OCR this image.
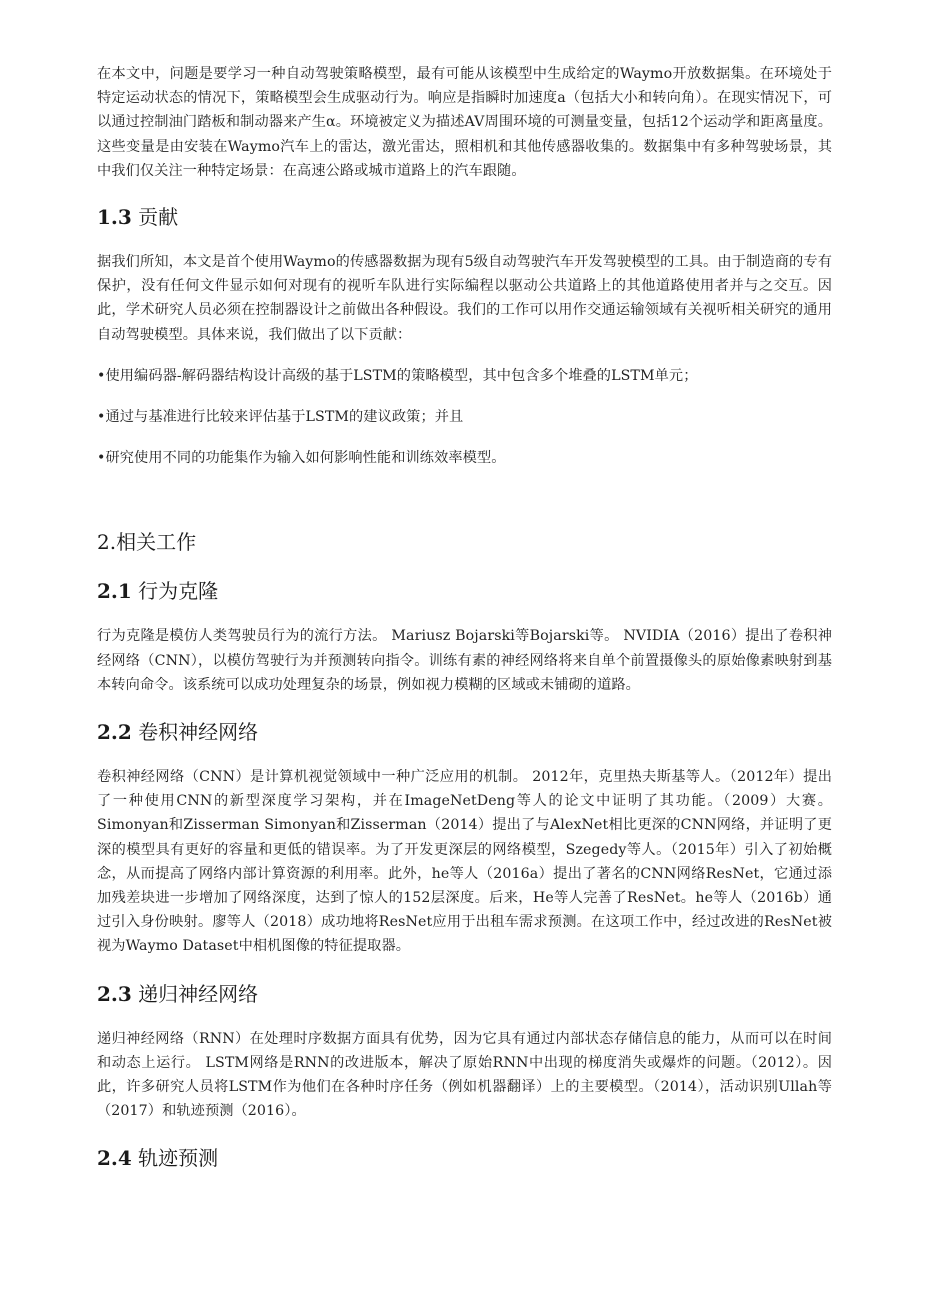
在本文中，问题是要学习一种自动驾驶策略模型，最有可能从该模型中生成给定的Waymo开放数据集。在环境处于特定运动状态的情况下，策略模型会生成驱动行为。响应是指瞬时加速度a（包括大小和转向角）。在现实情况下，可以通过控制油门踏板和制动器来产生α。环境被定义为描述AV周围环境的可测量变量，包括12个运动学和距离量度。这些变量是由安装在Waymo汽车上的雷达，激光雷达，照相机和其他传感器收集的。数据集中有多种驾驶场景，其中我们仅关注一种特定场景：在高速公路或城市道路上的汽车跟随。

1.3 贡献

据我们所知，本文是首个使用Waymo的传感器数据为现有5级自动驾驶汽车开发驾驶模型的工具。由于制造商的专有保护，没有任何文件显示如何对现有的视听车队进行实际编程以驱动公共道路上的其他道路使用者并与之交互。因此，学术研究人员必须在控制器设计之前做出各种假设。我们的工作可以用作交通运输领域有关视听相关研究的通用自动驾驶模型。具体来说，我们做出了以下贡献：

•使用编码器-解码器结构设计高级的基于LSTM的策略模型，其中包含多个堆叠的LSTM单元；

•通过与基准进行比较来评估基于LSTM的建议政策；并且

•研究使用不同的功能集作为输入如何影响性能和训练效率模型。

2.相关工作
2.1 行为克隆

行为克隆是模仿人类驾驶员行为的流行方法。 Mariusz Bojarski等Bojarski等。 NVIDIA（2016）提出了卷积神经网络（CNN），以模仿驾驶行为并预测转向指令。训练有素的神经网络将来自单个前置摄像头的原始像素映射到基本转向命令。该系统可以成功处理复杂的场景，例如视力模糊的区域或未铺砌的道路。

2.2 卷积神经网络

卷积神经网络（CNN）是计算机视觉领域中一种广泛应用的机制。 2012年，克里热夫斯基等人。（2012年）提出了一种使用CNN的新型深度学习架构，并在ImageNetDeng等人的论文中证明了其功能。（2009）大赛。 Simonyan和Zisserman Simonyan和Zisserman（2014）提出了与AlexNet相比更深的CNN网络，并证明了更深的模型具有更好的容量和更低的错误率。为了开发更深层的网络模型，Szegedy等人。（2015年）引入了初始概念，从而提高了网络内部计算资源的利用率。此外，he等人（2016a）提出了著名的CNN网络ResNet，它通过添加残差块进一步增加了网络深度，达到了惊人的152层深度。后来，He等人完善了ResNet。he等人（2016b）通过引入身份映射。廖等人（2018）成功地将ResNet应用于出租车需求预测。在这项工作中，经过改进的ResNet被视为Waymo Dataset中相机图像的特征提取器。

2.3 递归神经网络

递归神经网络（RNN）在处理时序数据方面具有优势，因为它具有通过内部状态存储信息的能力，从而可以在时间和动态上运行。 LSTM网络是RNN的改进版本，解决了原始RNN中出现的梯度消失或爆炸的问题。（2012）。因此，许多研究人员将LSTM作为他们在各种时序任务（例如机器翻译）上的主要模型。（2014），活动识别Ullah等（2017）和轨迹预测（2016）。

2.4 轨迹预测
